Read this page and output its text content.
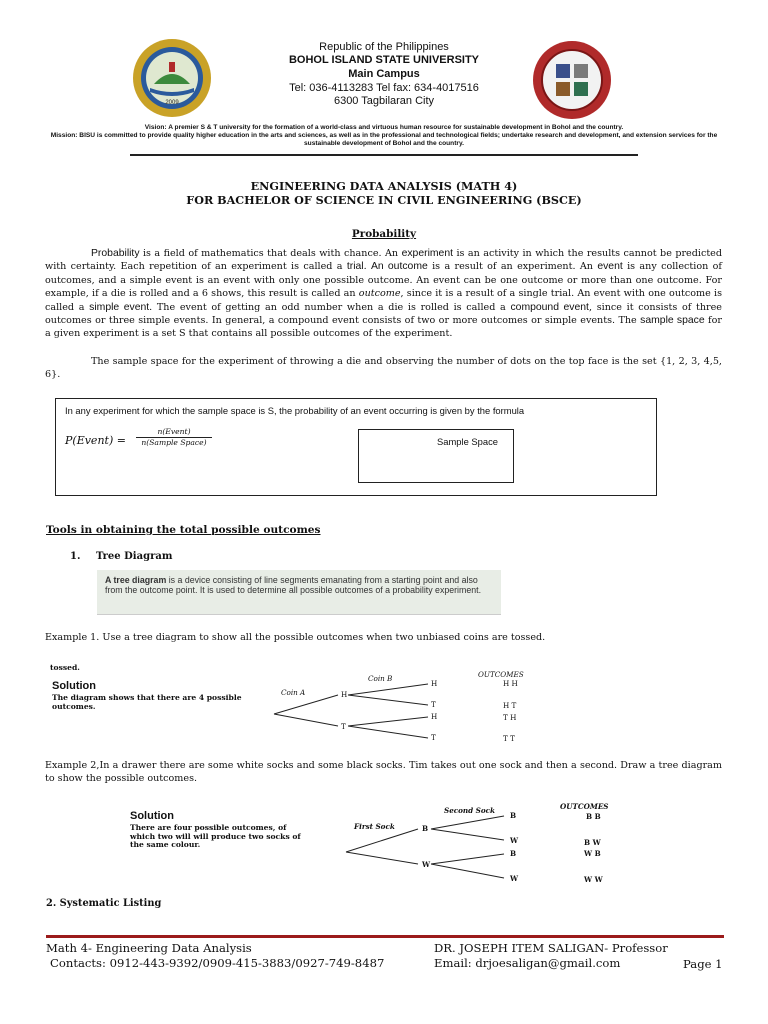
2009
Republic of the Philippines
BOHOL ISLAND STATE UNIVERSITY
Main Campus
Tel: 036-4113283 Tel fax: 634-4017516
6300 Tagbilaran City
Vision: A premier S & T university for the formation of a world-class and virtuous human resource for sustainable development in Bohol and the country.
Mission: BISU is committed to provide quality higher education in the arts and sciences, as well as in the professional and technological fields; undertake research and development, and extension services for the sustainable development of Bohol and the country.
ENGINEERING DATA ANALYSIS (MATH 4)
FOR BACHELOR OF SCIENCE IN CIVIL ENGINEERING (BSCE)
Probability
Probability is a field of mathematics that deals with chance. An experiment is an activity in which the results cannot be predicted with certainty. Each repetition of an experiment is called a trial. An outcome is a result of an experiment. An event is any collection of outcomes, and a simple event is an event with only one possible outcome. An event can be one outcome or more than one outcome. For example, if a die is rolled and a 6 shows, this result is called an outcome, since it is a result of a single trial. An event with one outcome is called a simple event. The event of getting an odd number when a die is rolled is called a compound event, since it consists of three outcomes or three simple events. In general, a compound event consists of two or more outcomes or simple events. The sample space for a given experiment is a set S that contains all possible outcomes of the experiment.
The sample space for the experiment of throwing a die and observing the number of dots on the top face is the set {1, 2, 3, 4,5, 6}.
In any experiment for which the sample space is S, the probability of an event occurring is given by the formula
P(Event) =
n(Event)
n(Sample Space)	Sample Space
Tools in obtaining the total possible outcomes
1. Tree Diagram
A tree diagram is a device consisting of line segments emanating from a starting point and also from the outcome point. It is used to determine all possible outcomes of a probability experiment.
Example 1. Use a tree diagram to show all the possible outcomes when two unbiased coins are tossed.
tossed.
Solution
The diagram shows that there are 4 possible outcomes.
Coin A
Coin B	OUTCOMES
H
T
H
T
H
T
H H
H T
T H
T T
Example 2,In a drawer there are some white socks and some black socks. Tim takes out one sock and then a second. Draw a tree diagram to show the possible outcomes.
Solution
There are four possible outcomes, of which two will will produce two socks of the same colour.
First Sock
Second Sock	OUTCOMES
B
W
B
W
B
W
B B
B W
W B
W W
2. Systematic Listing
Math 4- Engineering Data Analysis	DR. JOSEPH ITEM SALIGAN- Professor
Contacts: 0912-443-9392/0909-415-3883/0927-749-8487	Email: drjoesaligan@gmail.com	Page 1
